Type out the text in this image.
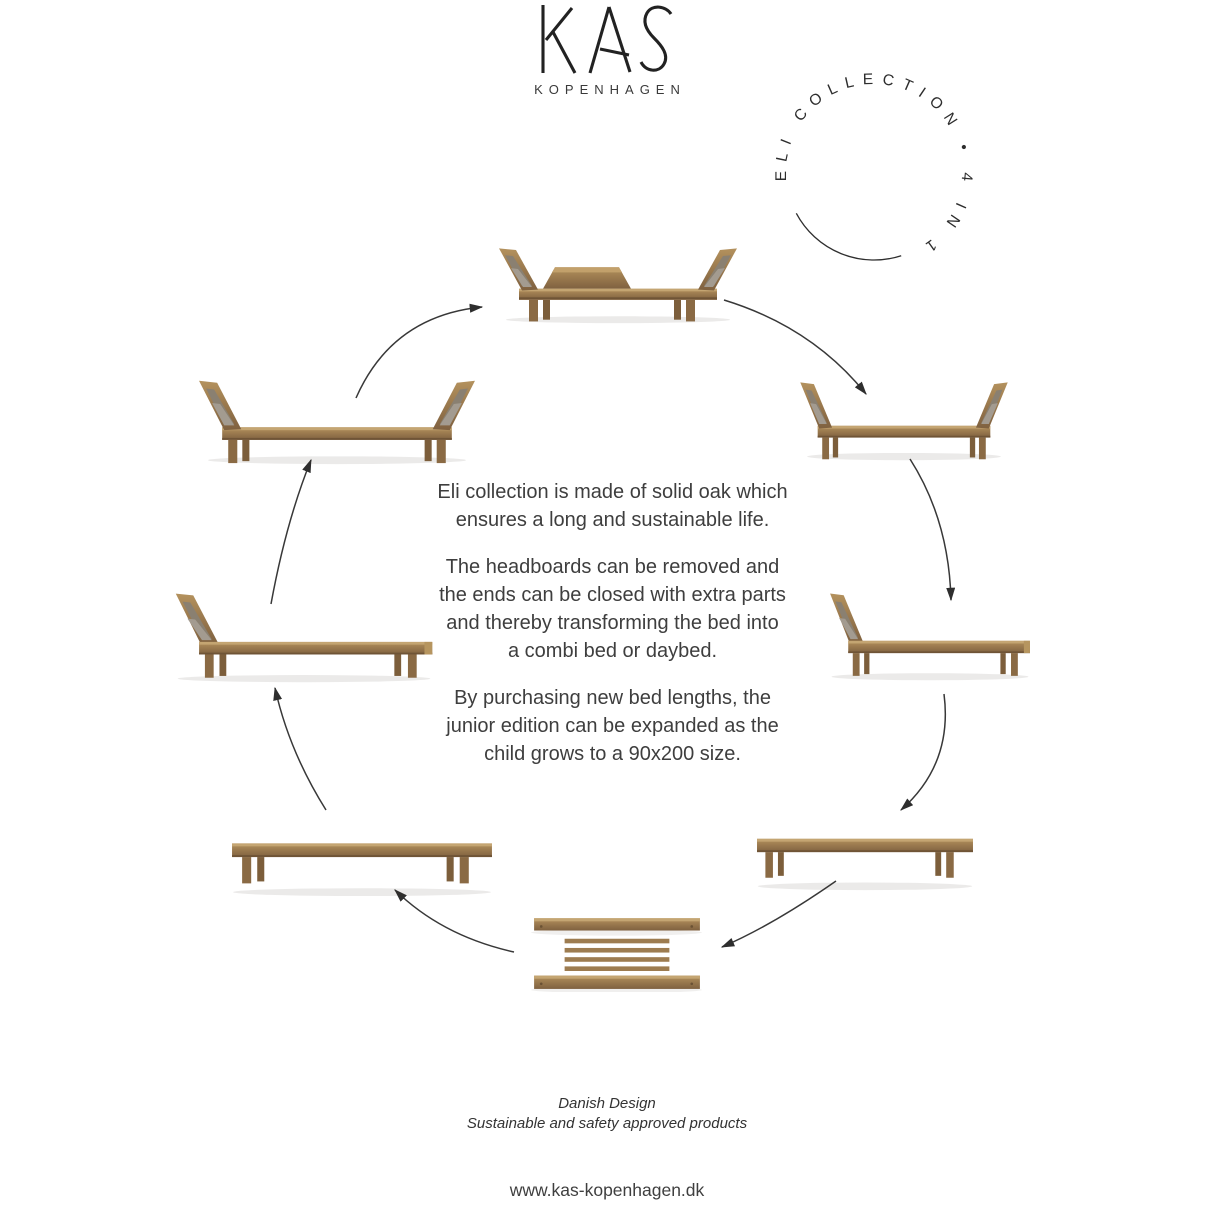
KOPENHAGEN
ELI COLLECTION • 4 IN 1
Eli collection is made of solid oak which
ensures a long and sustainable life.
The headboards can be removed and
the ends can be closed with extra parts
and thereby transforming the bed into
a combi bed or daybed.
By purchasing new bed lengths, the
junior edition can be expanded as the
child grows to a 90x200 size.
Danish Design
Sustainable and safety approved products
www.kas-kopenhagen.dk
